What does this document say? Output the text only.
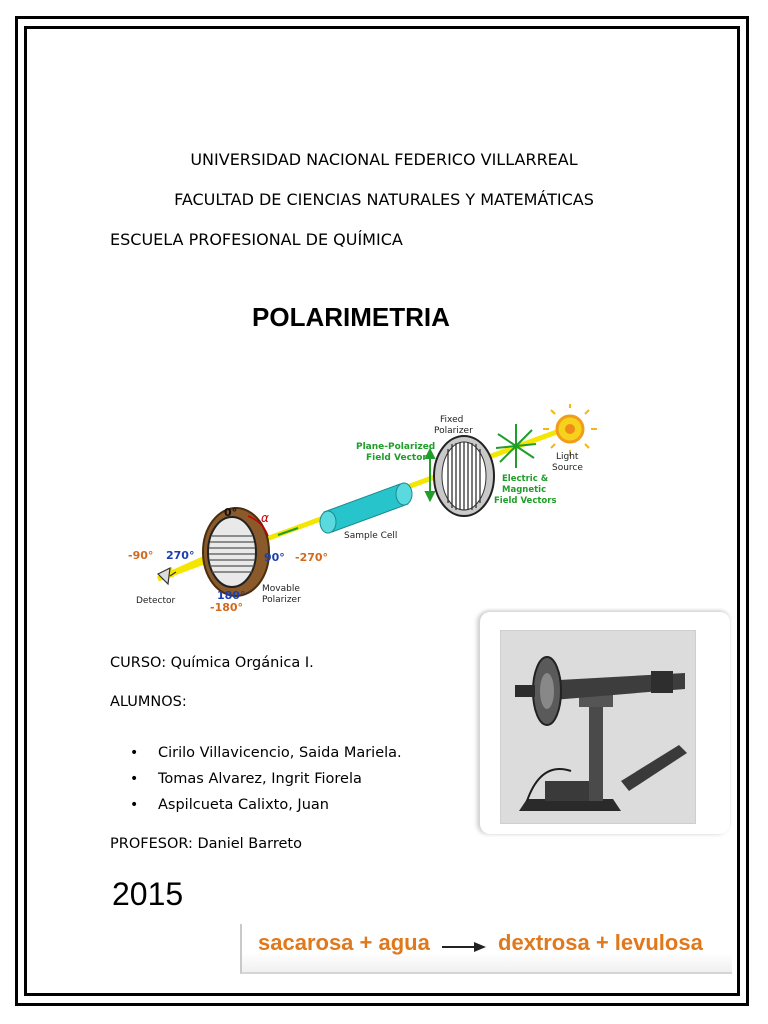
UNIVERSIDAD NACIONAL FEDERICO VILLARREAL
FACULTAD DE CIENCIAS NATURALES Y MATEMÁTICAS
ESCUELA PROFESIONAL DE QUÍMICA
POLARIMETRIA
Fixed
Polarizer
Plane-Polarized
Field Vector	Light
Source
Electric &
Magnetic
Field Vectors
Sample Cell
0° α
90° -270°
-90° 270°
180°
-180°
Movable
Polarizer
Detector
CURSO: Química Orgánica I.
ALUMNOS:
• Cirilo Villavicencio, Saida Mariela.
• Tomas Alvarez, Ingrit Fiorela
• Aspilcueta Calixto, Juan
PROFESOR: Daniel Barreto
2015
sacarosa + agua → dextrosa + levulosa
